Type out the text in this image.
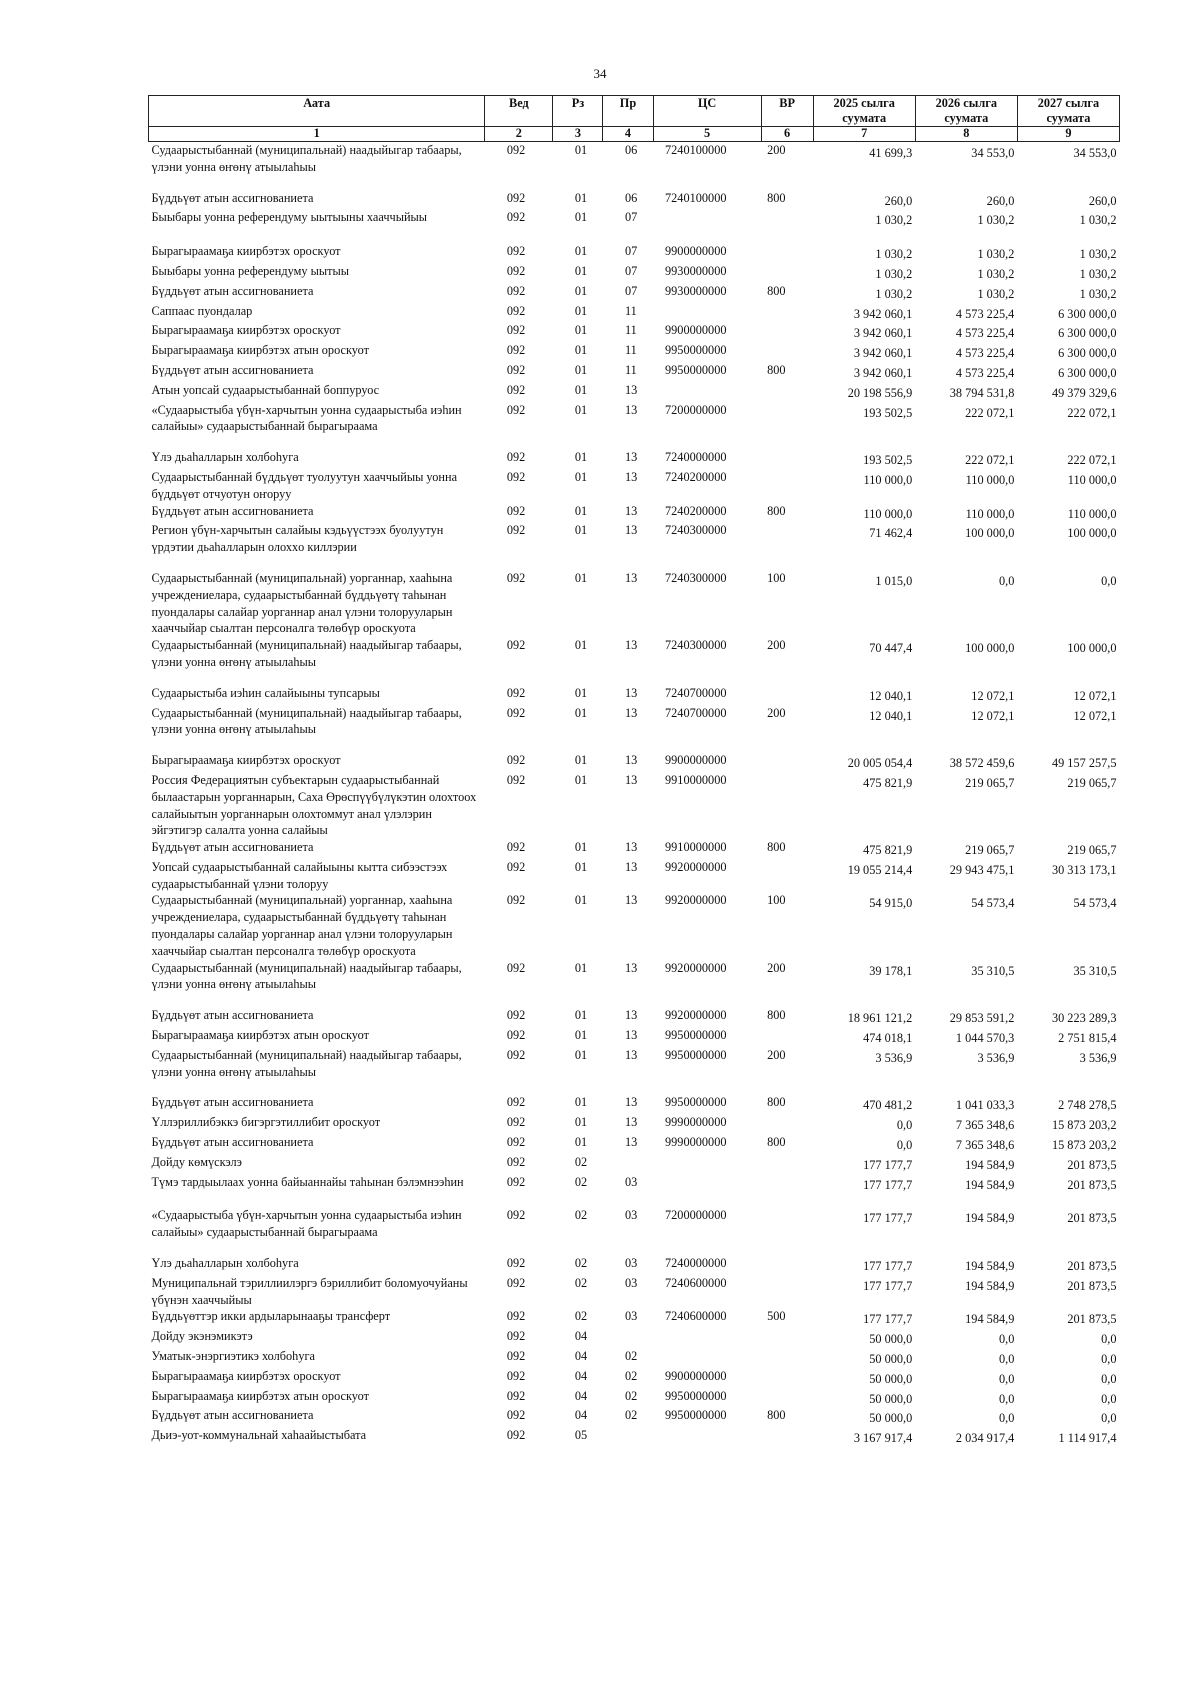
34
Аата	Вед	Рз	Пр	ЦС	ВР	2025 сылга суумата	2026 сылга суумата	2027 сылга суумата
1	2	3	4	5	6	7	8	9
Судаарыстыбаннай (муниципальнай) наадыйыгар табаары, үлэни уонна өҥөнү атыылаһыы	092	01	06	7240100000	200	41 699,3	34 553,0	34 553,0
Бүддьүөт атын ассигнованиета	092	01	06	7240100000	800	260,0	260,0	260,0
Быыбары уонна референдуму ыытыыны хааччыйыы	092	01	07			1 030,2	1 030,2	1 030,2
Бырагыраамаҕа киирбэтэх ороскуот	092	01	07	9900000000		1 030,2	1 030,2	1 030,2
Быыбары уонна референдуму ыытыы	092	01	07	9930000000		1 030,2	1 030,2	1 030,2
Бүддьүөт атын ассигнованиета	092	01	07	9930000000	800	1 030,2	1 030,2	1 030,2
Саппаас пуондалар	092	01	11			3 942 060,1	4 573 225,4	6 300 000,0
Бырагыраамаҕа киирбэтэх ороскуот	092	01	11	9900000000		3 942 060,1	4 573 225,4	6 300 000,0
Бырагыраамаҕа киирбэтэх атын ороскуот	092	01	11	9950000000		3 942 060,1	4 573 225,4	6 300 000,0
Бүддьүөт атын ассигнованиета	092	01	11	9950000000	800	3 942 060,1	4 573 225,4	6 300 000,0
Атын уопсай судаарыстыбаннай боппуруос	092	01	13			20 198 556,9	38 794 531,8	49 379 329,6
«Судаарыстыба үбүн-харчытын уонна судаарыстыба иэһин салайыы» судаарыстыбаннай бырагыраама	092	01	13	7200000000		193 502,5	222 072,1	222 072,1
Үлэ дьаһалларын холбоһуга	092	01	13	7240000000		193 502,5	222 072,1	222 072,1
Судаарыстыбаннай бүддьүөт туолуутун хааччыйыы уонна бүддьүөт отчуотун оҥоруу	092	01	13	7240200000		110 000,0	110 000,0	110 000,0
Бүддьүөт атын ассигнованиета	092	01	13	7240200000	800	110 000,0	110 000,0	110 000,0
Регион үбүн-харчытын салайыы кэдьүүстээх буолуутун үрдэтии дьаһалларын олохxo киллэрии	092	01	13	7240300000		71 462,4	100 000,0	100 000,0
Судаарыстыбаннай (муниципальнай) уорганнар, хааһына учреждениелара, судаарыстыбаннай бүддьүөтү таһынан пуондалары салайар уорганнар анал үлэни толорууларын хааччыйар сыалтан персоналга төлөбүр ороскуота	092	01	13	7240300000	100	1 015,0	0,0	0,0
Судаарыстыбаннай (муниципальнай) наадыйыгар табаары, үлэни уонна өҥөнү атыылаһыы	092	01	13	7240300000	200	70 447,4	100 000,0	100 000,0
Судаарыстыба иэһин салайыыны тупсарыы	092	01	13	7240700000		12 040,1	12 072,1	12 072,1
Судаарыстыбаннай (муниципальнай) наадыйыгар табаары, үлэни уонна өҥөнү атыылаһыы	092	01	13	7240700000	200	12 040,1	12 072,1	12 072,1
Бырагыраамаҕа киирбэтэх ороскуот	092	01	13	9900000000		20 005 054,4	38 572 459,6	49 157 257,5
Россия Федерациятын субъектарын судаарыстыбаннай былаастарын уорганнарын, Саха Өрөспүүбүлүкэтин олохтоох салайыытын уорганнарын олохтоммут анал үлэлэрин эйгэтигэр салалта уонна салайыы	092	01	13	9910000000		475 821,9	219 065,7	219 065,7
Бүддьүөт атын ассигнованиета	092	01	13	9910000000	800	475 821,9	219 065,7	219 065,7
Уопсай судаарыстыбаннай салайыыны кытта сибээстээх судаарыстыбаннай үлэни толоруу	092	01	13	9920000000		19 055 214,4	29 943 475,1	30 313 173,1
Судаарыстыбаннай (муниципальнай) уорганнар, хааһына учреждениелара, судаарыстыбаннай бүддьүөтү таһынан пуондалары салайар уорганнар анал үлэни толорууларын хааччыйар сыалтан персоналга төлөбүр ороскуота	092	01	13	9920000000	100	54 915,0	54 573,4	54 573,4
Судаарыстыбаннай (муниципальнай) наадыйыгар табаары, үлэни уонна өҥөнү атыылаһыы	092	01	13	9920000000	200	39 178,1	35 310,5	35 310,5
Бүддьүөт атын ассигнованиета	092	01	13	9920000000	800	18 961 121,2	29 853 591,2	30 223 289,3
Бырагыраамаҕа киирбэтэх атын ороскуот	092	01	13	9950000000		474 018,1	1 044 570,3	2 751 815,4
Судаарыстыбаннай (муниципальнай) наадыйыгар табаары, үлэни уонна өҥөнү атыылаһыы	092	01	13	9950000000	200	3 536,9	3 536,9	3 536,9
Бүддьүөт атын ассигнованиета	092	01	13	9950000000	800	470 481,2	1 041 033,3	2 748 278,5
Үллэриллибэккэ бигэргэтиллибит ороскуот	092	01	13	9990000000		0,0	7 365 348,6	15 873 203,2
Бүддьүөт атын ассигнованиета	092	01	13	9990000000	800	0,0	7 365 348,6	15 873 203,2
Дойду көмүскэлэ	092	02				177 177,7	194 584,9	201 873,5
Түмэ тардыылаах уонна байыаннайы таһынан бэлэмнээһин	092	02	03			177 177,7	194 584,9	201 873,5
«Судаарыстыба үбүн-харчытын уонна судаарыстыба иэһин салайыы» судаарыстыбаннай бырагыраама	092	02	03	7200000000		177 177,7	194 584,9	201 873,5
Үлэ дьаһалларын холбоһуга	092	02	03	7240000000		177 177,7	194 584,9	201 873,5
Муниципальнай тэриллиилэргэ бэриллибит боломуочуйаны үбүнэн хааччыйыы	092	02	03	7240600000		177 177,7	194 584,9	201 873,5
Бүддьүөттэр икки ардыларынааҕы трансферт	092	02	03	7240600000	500	177 177,7	194 584,9	201 873,5
Дойду экэнэмикэтэ	092	04				50 000,0	0,0	0,0
Уматык-энэргиэтикэ холбоһуга	092	04	02			50 000,0	0,0	0,0
Бырагыраамаҕа киирбэтэх ороскуот	092	04	02	9900000000		50 000,0	0,0	0,0
Бырагыраамаҕа киирбэтэх атын ороскуот	092	04	02	9950000000		50 000,0	0,0	0,0
Бүддьүөт атын ассигнованиета	092	04	02	9950000000	800	50 000,0	0,0	0,0
Дьиэ-уот-коммунальнай хаһаайыстыбата	092	05				3 167 917,4	2 034 917,4	1 114 917,4
